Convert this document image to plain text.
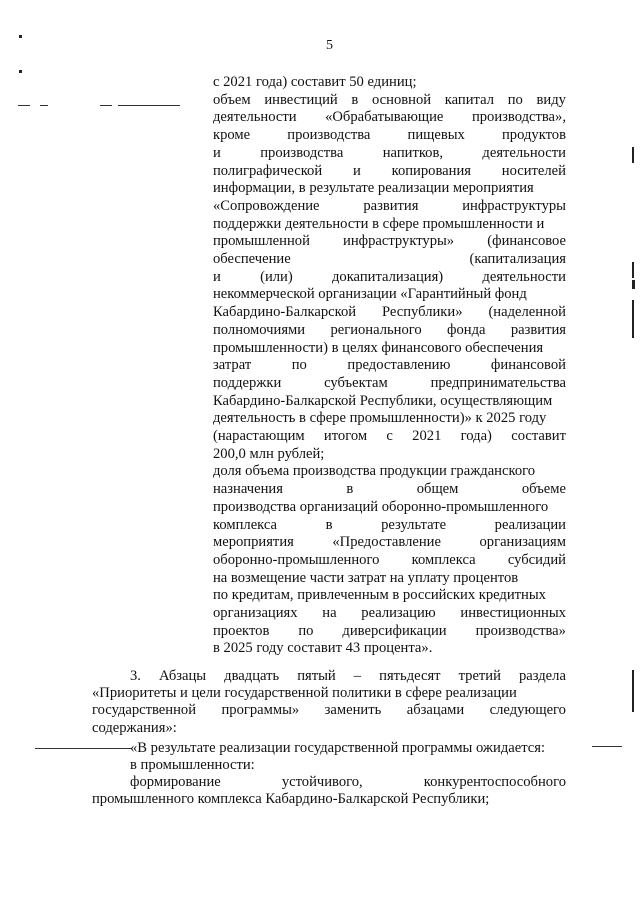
5
с 2021 года) составит 50 единиц;
объем инвестиций в основной капитал по виду
деятельности «Обрабатывающие производства»,
кроме	производства	пищевых	продуктов
и	производства	напитков,	деятельности
полиграфической и копирования носителей
информации, в результате реализации мероприятия
«Сопровождение	развития	инфраструктуры
поддержки деятельности в сфере промышленности и
промышленной инфраструктуры» (финансовое
обеспечение	(капитализация
и	(или)	докапитализация)	деятельности
некоммерческой организации «Гарантийный фонд
Кабардино-Балкарской Республики» (наделенной
полномочиями регионального фонда развития
промышленности) в целях финансового обеспечения
затрат	по	предоставлению	финансовой
поддержки	субъектам	предпринимательства
Кабардино-Балкарской Республики, осуществляющим
деятельность в сфере промышленности)» к 2025 году
(нарастающим итогом с 2021 года) составит
200,0 млн рублей;
доля объема производства продукции гражданского
назначения	в	общем	объеме
производства организаций оборонно-промышленного
комплекса	в	результате	реализации
мероприятия	«Предоставление	организациям
оборонно-промышленного комплекса субсидий
на возмещение части затрат на уплату процентов
по кредитам, привлеченным в российских кредитных
организациях на реализацию инвестиционных
проектов по диверсификации производства»
в 2025 году составит 43 процента».
3. Абзацы двадцать пятый – пятьдесят третий раздела
«Приоритеты и цели государственной политики в сфере реализации
государственной программы» заменить абзацами следующего
содержания»:
«В результате реализации государственной программы ожидается:
в промышленности:
формирование	устойчивого,	конкурентоспособного
промышленного комплекса Кабардино-Балкарской Республики;
